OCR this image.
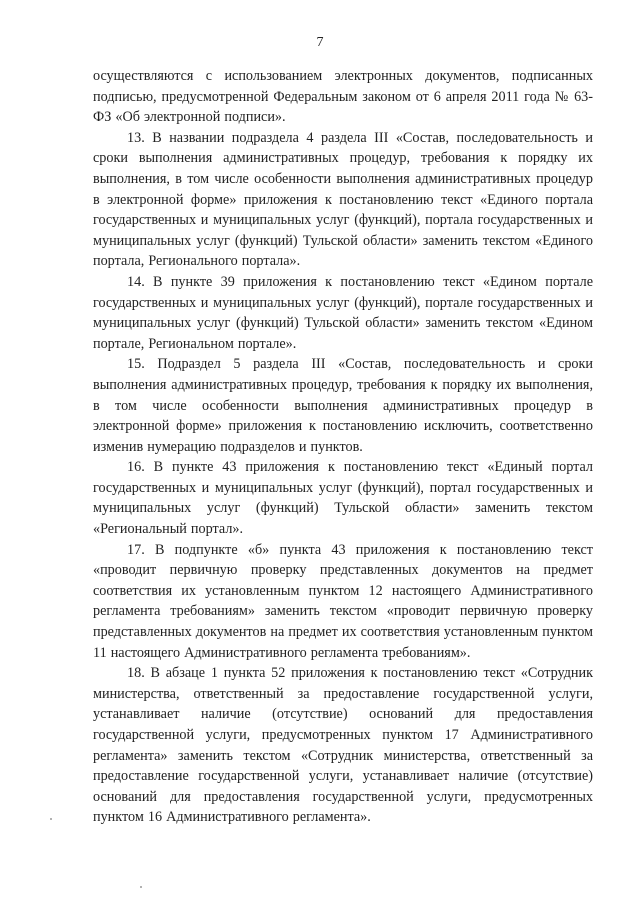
7

осуществляются с использованием электронных документов, подписанных подписью, предусмотренной Федеральным законом от 6 апреля 2011 года № 63-ФЗ «Об электронной подписи».

13. В названии подраздела 4 раздела III «Состав, последовательность и сроки выполнения административных процедур, требования к порядку их выполнения, в том числе особенности выполнения административных процедур в электронной форме» приложения к постановлению текст «Единого портала государственных и муниципальных услуг (функций), портала государственных и муниципальных услуг (функций) Тульской области» заменить текстом «Единого портала, Регионального портала».

14. В пункте 39 приложения к постановлению текст «Едином портале государственных и муниципальных услуг (функций), портале государственных и муниципальных услуг (функций) Тульской области» заменить текстом «Едином портале, Региональном портале».

15. Подраздел 5 раздела III «Состав, последовательность и сроки выполнения административных процедур, требования к порядку их выполнения, в том числе особенности выполнения административных процедур в электронной форме» приложения к постановлению исключить, соответственно изменив нумерацию подразделов и пунктов.

16. В пункте 43 приложения к постановлению текст «Единый портал государственных и муниципальных услуг (функций), портал государственных и муниципальных услуг (функций) Тульской области» заменить текстом «Региональный портал».

17. В подпункте «б» пункта 43 приложения к постановлению текст «проводит первичную проверку представленных документов на предмет соответствия их установленным пунктом 12 настоящего Административного регламента требованиям» заменить текстом «проводит первичную проверку представленных документов на предмет их соответствия установленным пунктом 11 настоящего Административного регламента требованиям».

18. В абзаце 1 пункта 52 приложения к постановлению текст «Сотрудник министерства, ответственный за предоставление государственной услуги, устанавливает наличие (отсутствие) оснований для предоставления государственной услуги, предусмотренных пунктом 17 Административного регламента» заменить текстом «Сотрудник министерства, ответственный за предоставление государственной услуги, устанавливает наличие (отсутствие) оснований для предоставления государственной услуги, предусмотренных пунктом 16 Административного регламента».
